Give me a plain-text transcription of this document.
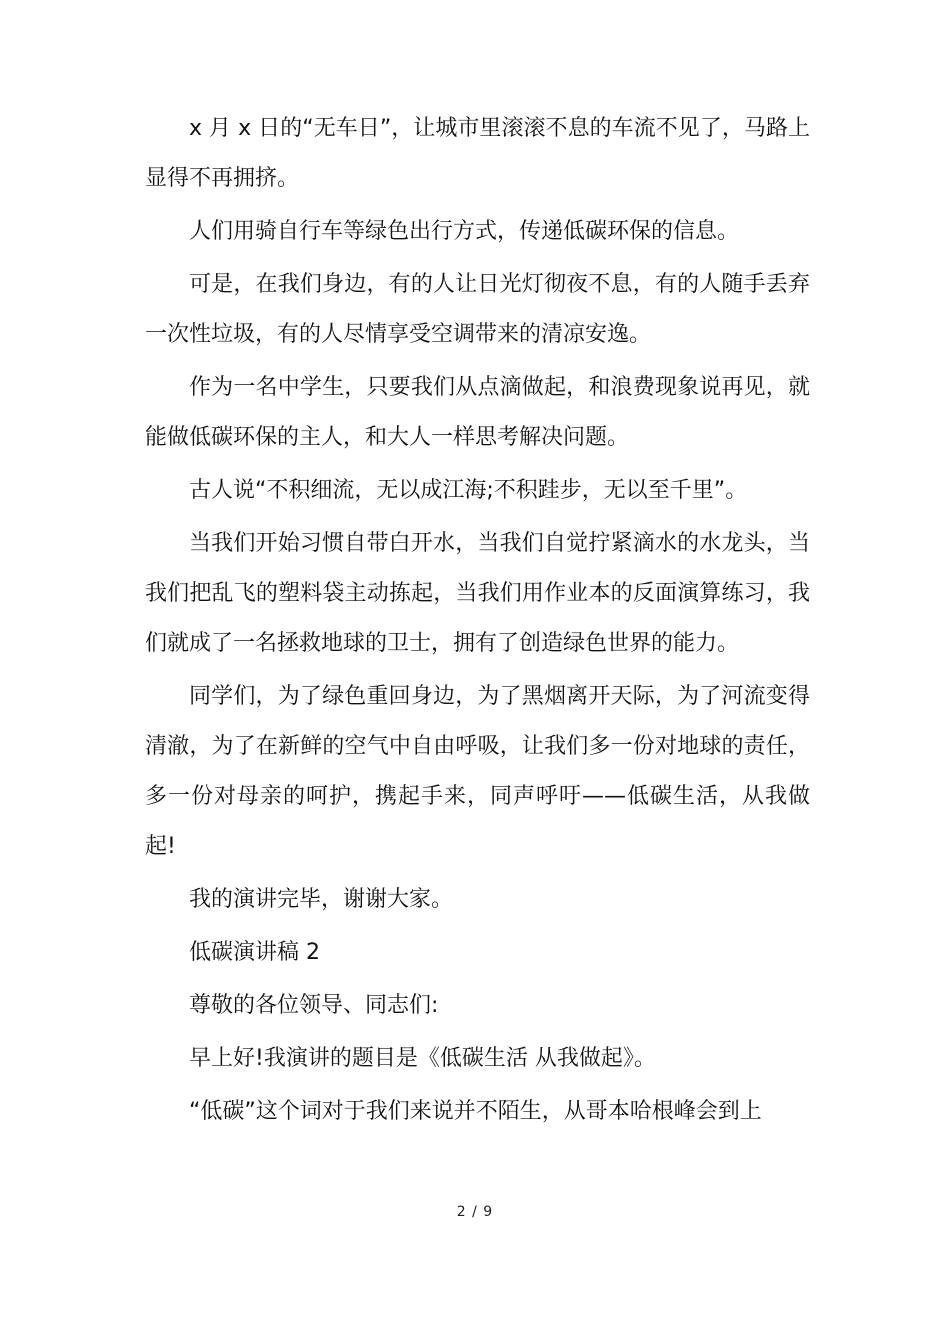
x 月 x 日的“无车日”，让城市里滚滚不息的车流不见了，马路上显得不再拥挤。

人们用骑自行车等绿色出行方式，传递低碳环保的信息。

可是，在我们身边，有的人让日光灯彻夜不息，有的人随手丢弃一次性垃圾，有的人尽情享受空调带来的清凉安逸。

作为一名中学生，只要我们从点滴做起，和浪费现象说再见，就能做低碳环保的主人，和大人一样思考解决问题。

古人说“不积细流，无以成江海;不积跬步，无以至千里”。

当我们开始习惯自带白开水，当我们自觉拧紧滴水的水龙头，当我们把乱飞的塑料袋主动拣起，当我们用作业本的反面演算练习，我们就成了一名拯救地球的卫士，拥有了创造绿色世界的能力。

同学们，为了绿色重回身边，为了黑烟离开天际，为了河流变得清澈，为了在新鲜的空气中自由呼吸，让我们多一份对地球的责任，多一份对母亲的呵护，携起手来，同声呼吁——低碳生活，从我做起!

我的演讲完毕，谢谢大家。

低碳演讲稿 2

尊敬的各位领导、同志们:

早上好!我演讲的题目是《低碳生活 从我做起》。

“低碳”这个词对于我们来说并不陌生，从哥本哈根峰会到上

2 / 9
